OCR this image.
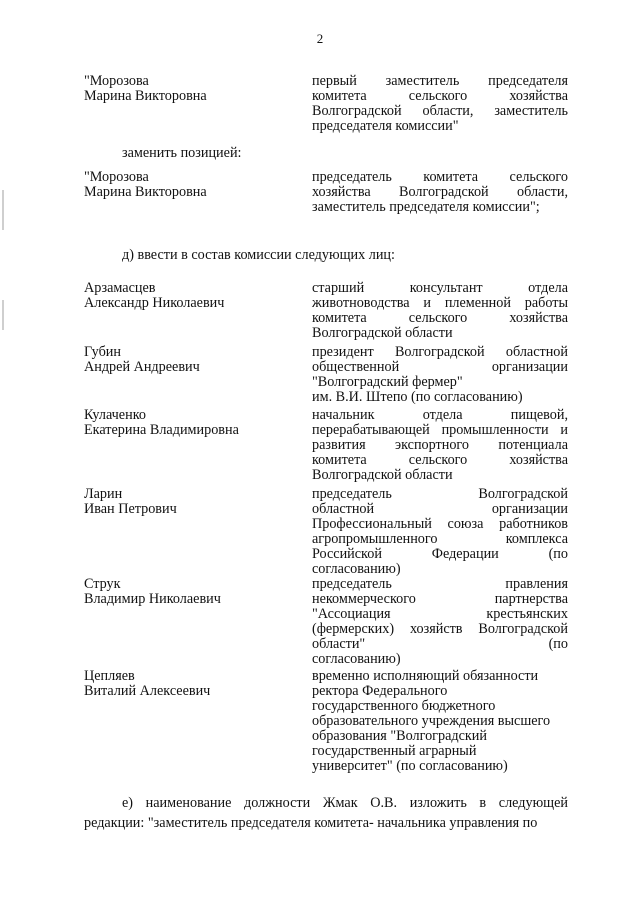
2
"Морозова
Марина Викторовна
первый заместитель председателя
комитета сельского хозяйства
Волгоградской области, заместитель
председателя комиссии"
заменить позицией:
"Морозова
Марина Викторовна
председатель комитета сельского
хозяйства Волгоградской области,
заместитель председателя комиссии";
д) ввести в состав комиссии следующих лиц:
Арзамасцев
Александр Николаевич
старший консультант отдела
животноводства и племенной работы
комитета сельского хозяйства
Волгоградской области
Губин
Андрей Андреевич
президент Волгоградской областной
общественной организации
"Волгоградский фермер"
им. В.И. Штепо (по согласованию)
Кулаченко
Екатерина Владимировна
начальник отдела пищевой,
перерабатывающей промышленности и
развития экспортного потенциала
комитета сельского хозяйства
Волгоградской области
Ларин
Иван Петрович
председатель Волгоградской
областной организации
Профессиональный союза работников
агропромышленного комплекса
Российской Федерации (по
согласованию)
Струк
Владимир Николаевич
председатель правления
некоммерческого партнерства
"Ассоциация крестьянских
(фермерских) хозяйств Волгоградской
области" (по
согласованию)
Цепляев
Виталий Алексеевич
временно исполняющий обязанности
ректора Федерального
государственного бюджетного
образовательного учреждения высшего
образования "Волгоградский
государственный аграрный
университет" (по согласованию)
е) наименование должности Жмак О.В. изложить в следующей редакции: "заместитель председателя комитета- начальника управления по
